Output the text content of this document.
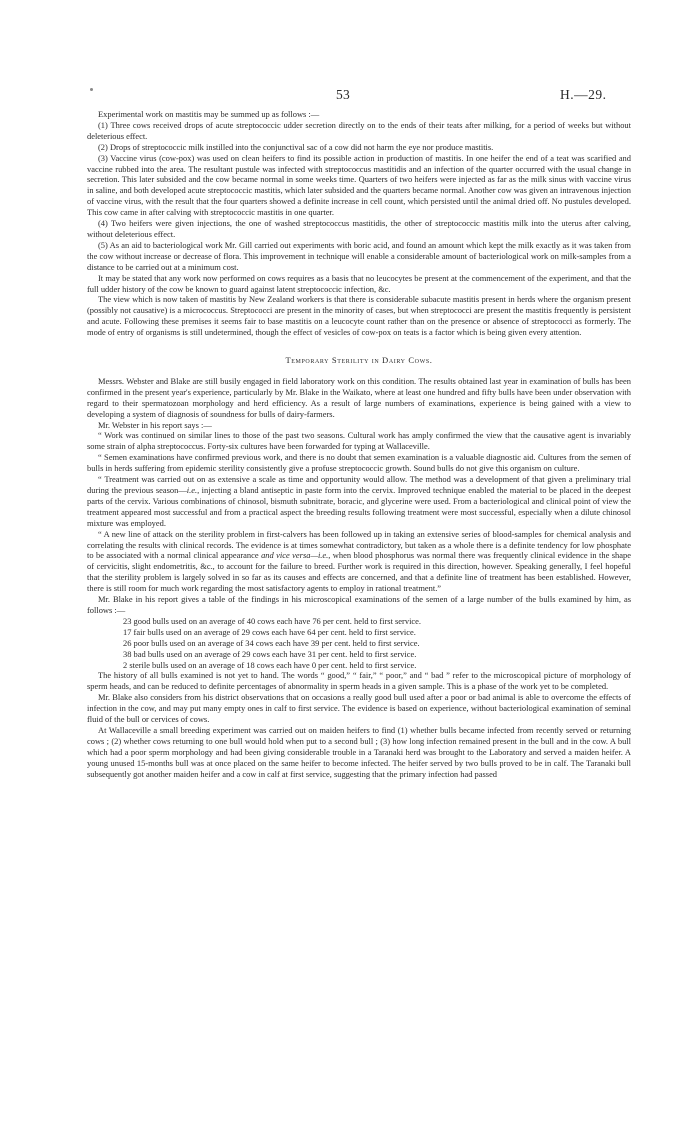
53	H.—29.

Experimental work on mastitis may be summed up as follows :—

(1) Three cows received drops of acute streptococcic udder secretion directly on to the ends of their teats after milking, for a period of weeks but without deleterious effect.

(2) Drops of streptococcic milk instilled into the conjunctival sac of a cow did not harm the eye nor produce mastitis.

(3) Vaccine virus (cow-pox) was used on clean heifers to find its possible action in production of mastitis. In one heifer the end of a teat was scarified and vaccine rubbed into the area. The resultant pustule was infected with streptococcus mastitidis and an infection of the quarter occurred with the usual change in secretion. This later subsided and the cow became normal in some weeks time. Quarters of two heifers were injected as far as the milk sinus with vaccine virus in saline, and both developed acute streptococcic mastitis, which later subsided and the quarters became normal. Another cow was given an intravenous injection of vaccine virus, with the result that the four quarters showed a definite increase in cell count, which persisted until the animal dried off. No pustules developed. This cow came in after calving with streptococcic mastitis in one quarter.

(4) Two heifers were given injections, the one of washed streptococcus mastitidis, the other of streptococcic mastitis milk into the uterus after calving, without deleterious effect.

(5) As an aid to bacteriological work Mr. Gill carried out experiments with boric acid, and found an amount which kept the milk exactly as it was taken from the cow without increase or decrease of flora. This improvement in technique will enable a considerable amount of bacteriological work on milk-samples from a distance to be carried out at a minimum cost.

It may be stated that any work now performed on cows requires as a basis that no leucocytes be present at the commencement of the experiment, and that the full udder history of the cow be known to guard against latent streptococcic infection, &c.

The view which is now taken of mastitis by New Zealand workers is that there is considerable subacute mastitis present in herds where the organism present (possibly not causative) is a micrococcus. Streptococci are present in the minority of cases, but when streptococci are present the mastitis frequently is persistent and acute. Following these premises it seems fair to base mastitis on a leucocyte count rather than on the presence or absence of streptococci as formerly. The mode of entry of organisms is still undetermined, though the effect of vesicles of cow-pox on teats is a factor which is being given every attention.

Temporary Sterility in Dairy Cows.

Messrs. Webster and Blake are still busily engaged in field laboratory work on this condition. The results obtained last year in examination of bulls has been confirmed in the present year's experience, particularly by Mr. Blake in the Waikato, where at least one hundred and fifty bulls have been under observation with regard to their spermatozoan morphology and herd efficiency. As a result of large numbers of examinations, experience is being gained with a view to developing a system of diagnosis of soundness for bulls of dairy-farmers.

Mr. Webster in his report says :—

“ Work was continued on similar lines to those of the past two seasons. Cultural work has amply confirmed the view that the causative agent is invariably some strain of alpha streptococcus. Forty-six cultures have been forwarded for typing at Wallaceville.

“ Semen examinations have confirmed previous work, and there is no doubt that semen examination is a valuable diagnostic aid. Cultures from the semen of bulls in herds suffering from epidemic sterility consistently give a profuse streptococcic growth. Sound bulls do not give this organism on culture.

“ Treatment was carried out on as extensive a scale as time and opportunity would allow. The method was a development of that given a preliminary trial during the previous season—i.e., injecting a bland antiseptic in paste form into the cervix. Improved technique enabled the material to be placed in the deepest parts of the cervix. Various combinations of chinosol, bismuth subnitrate, boracic, and glycerine were used. From a bacteriological and clinical point of view the treatment appeared most successful and from a practical aspect the breeding results following treatment were most successful, especially when a dilute chinosol mixture was employed.

“ A new line of attack on the sterility problem in first-calvers has been followed up in taking an extensive series of blood-samples for chemical analysis and correlating the results with clinical records. The evidence is at times somewhat contradictory, but taken as a whole there is a definite tendency for low phosphate to be associated with a normal clinical appearance and vice versa—i.e., when blood phosphorus was normal there was frequently clinical evidence in the shape of cervicitis, slight endometritis, &c., to account for the failure to breed. Further work is required in this direction, however. Speaking generally, I feel hopeful that the sterility problem is largely solved in so far as its causes and effects are concerned, and that a definite line of treatment has been established. However, there is still room for much work regarding the most satisfactory agents to employ in rational treatment.”

Mr. Blake in his report gives a table of the findings in his microscopical examinations of the semen of a large number of the bulls examined by him, as follows :—

23 good bulls used on an average of 40 cows each have 76 per cent. held to first service.
17 fair bulls used on an average of 29 cows each have 64 per cent. held to first service.
26 poor bulls used on an average of 34 cows each have 39 per cent. held to first service.
38 bad bulls used on an average of 29 cows each have 31 per cent. held to first service.
2 sterile bulls used on an average of 18 cows each have 0 per cent. held to first service.

The history of all bulls examined is not yet to hand. The words “ good,” “ fair,” “ poor,” and “ bad ” refer to the microscopical picture of morphology of sperm heads, and can be reduced to definite percentages of abnormality in sperm heads in a given sample. This is a phase of the work yet to be completed.

Mr. Blake also considers from his district observations that on occasions a really good bull used after a poor or bad animal is able to overcome the effects of infection in the cow, and may put many empty ones in calf to first service. The evidence is based on experience, without bacteriological examination of seminal fluid of the bull or cervices of cows.

At Wallaceville a small breeding experiment was carried out on maiden heifers to find (1) whether bulls became infected from recently served or returning cows ; (2) whether cows returning to one bull would hold when put to a second bull ; (3) how long infection remained present in the bull and in the cow. A bull which had a poor sperm morphology and had been giving considerable trouble in a Taranaki herd was brought to the Laboratory and served a maiden heifer. A young unused 15-months bull was at once placed on the same heifer to become infected. The heifer served by two bulls proved to be in calf. The Taranaki bull subsequently got another maiden heifer and a cow in calf at first service, suggesting that the primary infection had passed
